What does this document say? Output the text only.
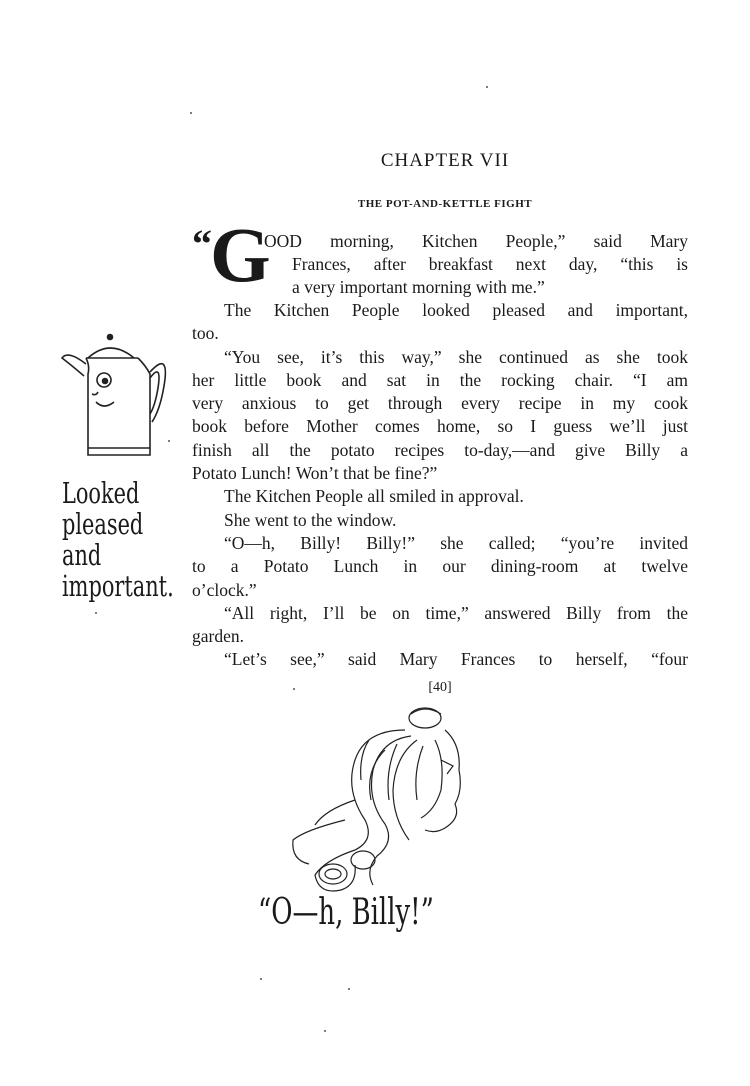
CHAPTER VII
THE POT-AND-KETTLE FIGHT
“
G
OOD morning, Kitchen People,” said Mary
Frances, after breakfast next day, “this is
a very important morning with me.”
The Kitchen People looked pleased and important,
too.
“You see, it’s this way,” she continued as she took
her little book and sat in the rocking chair. “I am
very anxious to get through every recipe in my cook
book before Mother comes home, so I guess we’ll just
finish all the potato recipes to-day,—and give Billy a
Potato Lunch! Won’t that be fine?”
The Kitchen People all smiled in approval.
She went to the window.
“O—h, Billy! Billy!” she called; “you’re invited
to a Potato Lunch in our dining-room at twelve
o’clock.”
“All right, I’ll be on time,” answered Billy from the
garden.
“Let’s see,” said Mary Frances to herself, “four
Looked
pleased
and
important.
[40]
“O—h, Billy!”
